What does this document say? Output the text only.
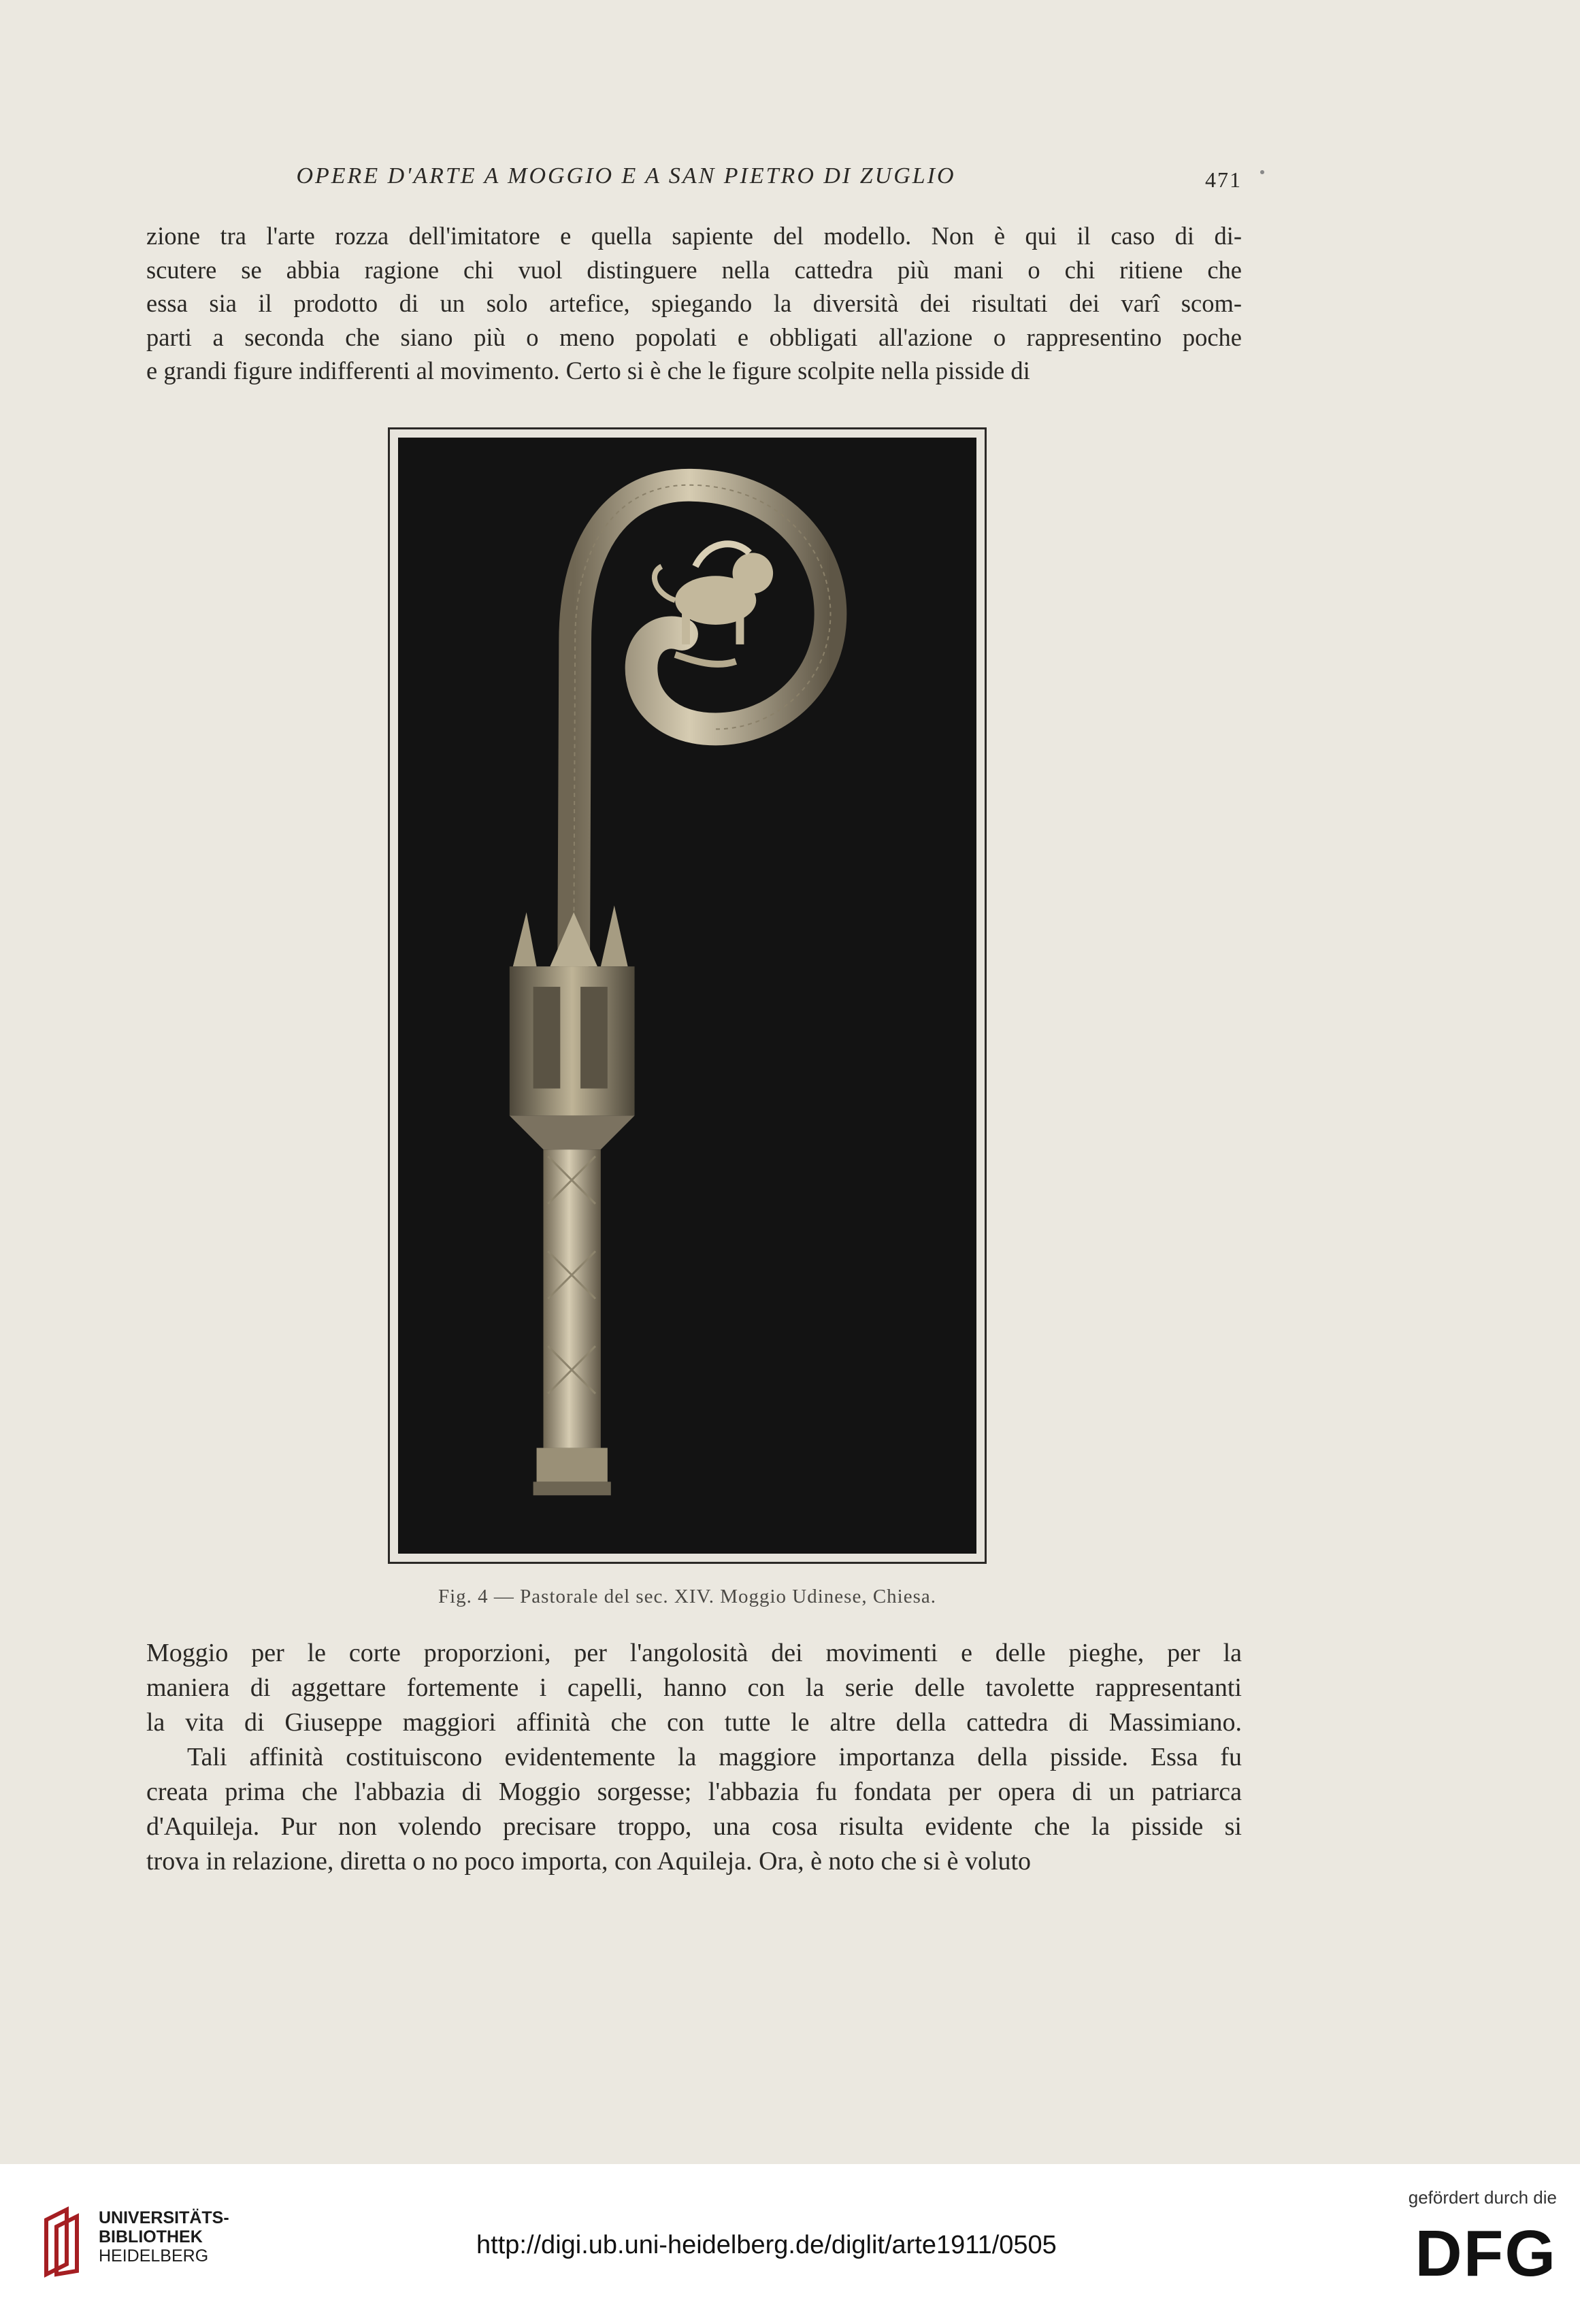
OPERE D'ARTE A MOGGIO E A SAN PIETRO DI ZUGLIO	471
zione tra l'arte rozza dell'imitatore e quella sapiente del modello. Non è qui il caso di di-
scutere se abbia ragione chi vuol distinguere nella cattedra più mani o chi ritiene che
essa sia il prodotto di un solo artefice, spiegando la diversità dei risultati dei varî scom-
parti a seconda che siano più o meno popolati e obbligati all'azione o rappresentino poche
e grandi figure indifferenti al movimento. Certo si è che le figure scolpite nella pisside di
Fig. 4 — Pastorale del sec. XIV. Moggio Udinese, Chiesa.
Moggio per le corte proporzioni, per l'angolosità dei movimenti e delle pieghe, per la
maniera di aggettare fortemente i capelli, hanno con la serie delle tavolette rappresentanti
la vita di Giuseppe maggiori affinità che con tutte le altre della cattedra di Massimiano.
Tali affinità costituiscono evidentemente la maggiore importanza della pisside. Essa fu
creata prima che l'abbazia di Moggio sorgesse; l'abbazia fu fondata per opera di un patriarca
d'Aquileja. Pur non volendo precisare troppo, una cosa risulta evidente che la pisside si
trova in relazione, diretta o no poco importa, con Aquileja. Ora, è noto che si è voluto
UNIVERSITÄTS-
BIBLIOTHEK
HEIDELBERG	http://digi.ub.uni-heidelberg.de/diglit/arte1911/0505
gefördert durch die
DFG
